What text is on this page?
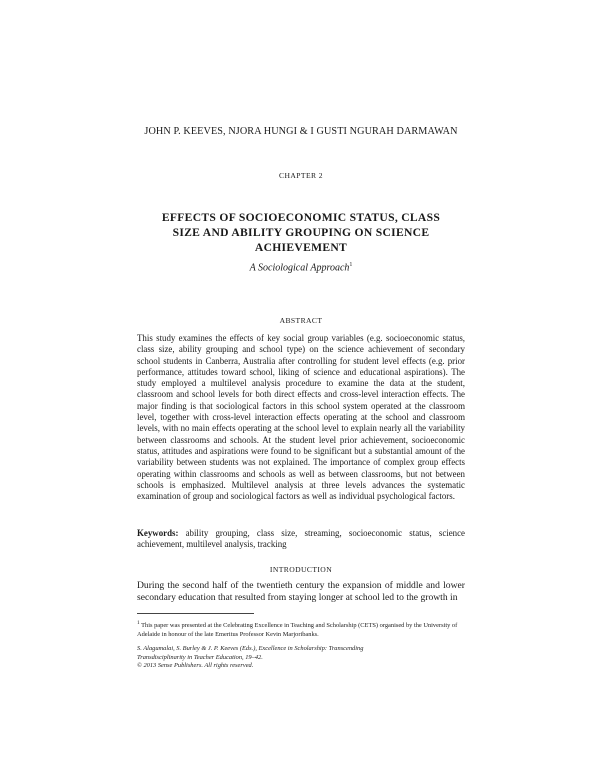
JOHN P. KEEVES, NJORA HUNGI & I GUSTI NGURAH DARMAWAN
CHAPTER 2
EFFECTS OF SOCIOECONOMIC STATUS, CLASS
SIZE AND ABILITY GROUPING ON SCIENCE
ACHIEVEMENT
A Sociological Approach$^1$
ABSTRACT
This study examines the effects of key social group variables (e.g. socioeconomic status, class size, ability grouping and school type) on the science achievement of secondary school students in Canberra, Australia after controlling for student level effects (e.g. prior performance, attitudes toward school, liking of science and educational aspirations). The study employed a multilevel analysis procedure to examine the data at the student, classroom and school levels for both direct effects and cross-level interaction effects. The major finding is that sociological factors in this school system operated at the classroom level, together with cross-level interaction effects operating at the school and classroom levels, with no main effects operating at the school level to explain nearly all the variability between classrooms and schools. At the student level prior achievement, socioeconomic status, attitudes and aspirations were found to be significant but a substantial amount of the variability between students was not explained. The importance of complex group effects operating within classrooms and schools as well as between classrooms, but not between schools is emphasized. Multilevel analysis at three levels advances the systematic examination of group and sociological factors as well as individual psychological factors.
Keywords: ability grouping, class size, streaming, socioeconomic status, science achievement, multilevel analysis, tracking
INTRODUCTION
During the second half of the twentieth century the expansion of middle and lower secondary education that resulted from staying longer at school led to the growth in
$^1$ This paper was presented at the Celebrating Excellence in Teaching and Scholarship (CETS) organised by the University of Adelaide in honour of the late Emeritus Professor Kevin Marjoribanks.
S. Alagumalai, S. Burley & J. P. Keeves (Eds.), Excellence in Scholarship: Transcending
Transdisciplinarity in Teacher Education, 19–42.
© 2013 Sense Publishers. All rights reserved.
